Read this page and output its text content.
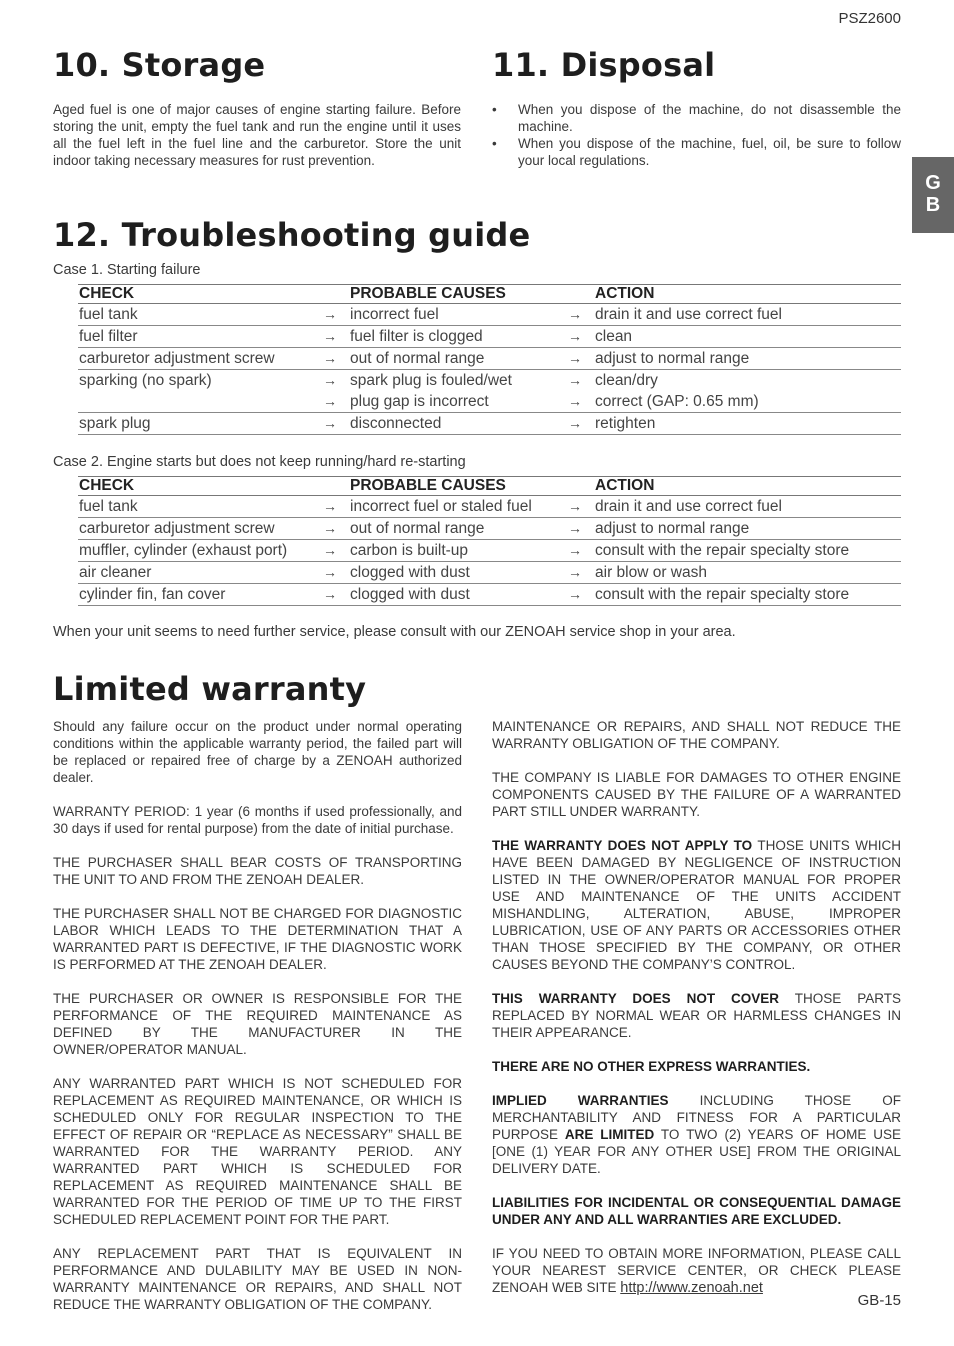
PSZ2600
G
B
10. Storage
Aged fuel is one of major causes of engine starting failure. Before storing the unit, empty the fuel tank and run the engine until it uses all the fuel left in the fuel line and the carburetor. Store the unit indoor taking necessary measures for rust prevention.
11. Disposal

• When you dispose of the machine, do not disassemble the machine.

• When you dispose of the machine, fuel, oil, be sure to follow your local regulations.

12. Troubleshooting guide
Case 1. Starting failure
CHECK		PROBABLE CAUSES		ACTION
fuel tank	→	incorrect fuel	→	drain it and use correct fuel
fuel filter	→	fuel filter is clogged	→	clean
carburetor adjustment screw	→	out of normal range	→	adjust to normal range
sparking (no spark)	→	spark plug is fouled/wet	→	clean/dry
	→	plug gap is incorrect	→	correct (GAP: 0.65 mm)
spark plug	→	disconnected	→	retighten
Case 2. Engine starts but does not keep running/hard re-starting
CHECK		PROBABLE CAUSES		ACTION
fuel tank	→	incorrect fuel or staled fuel	→	drain it and use correct fuel
carburetor adjustment screw	→	out of normal range	→	adjust to normal range
muffler, cylinder (exhaust port)	→	carbon is built-up	→	consult with the repair specialty store
air cleaner	→	clogged with dust	→	air blow or wash
cylinder fin, fan cover	→	clogged with dust	→	consult with the repair specialty store
When your unit seems to need further service, please consult with our ZENOAH service shop in your area.
Limited warranty

Should any failure occur on the product under normal operating conditions within the applicable warranty period, the failed part will be replaced or repaired free of charge by a ZENOAH authorized dealer.

WARRANTY PERIOD: 1 year (6 months if used professionally, and 30 days if used for rental purpose) from the date of initial purchase.

THE PURCHASER SHALL BEAR COSTS OF TRANSPORTING THE UNIT TO AND FROM THE ZENOAH DEALER.

THE PURCHASER SHALL NOT BE CHARGED FOR DIAGNOSTIC LABOR WHICH LEADS TO THE DETERMINATION THAT A WARRANTED PART IS DEFECTIVE, IF THE DIAGNOSTIC WORK IS PERFORMED AT THE ZENOAH DEALER.

THE PURCHASER OR OWNER IS RESPONSIBLE FOR THE PERFORMANCE OF THE REQUIRED MAINTENANCE AS DEFINED BY THE MANUFACTURER IN THE OWNER/OPERATOR MANUAL.

ANY WARRANTED PART WHICH IS NOT SCHEDULED FOR REPLACEMENT AS REQUIRED MAINTENANCE, OR WHICH IS SCHEDULED ONLY FOR REGULAR INSPECTION TO THE EFFECT OF REPAIR OR “REPLACE AS NECESSARY” SHALL BE WARRANTED FOR THE WARRANTY PERIOD. ANY WARRANTED PART WHICH IS SCHEDULED FOR REPLACEMENT AS REQUIRED MAINTENANCE SHALL BE WARRANTED FOR THE PERIOD OF TIME UP TO THE FIRST SCHEDULED REPLACEMENT POINT FOR THE PART.

ANY REPLACEMENT PART THAT IS EQUIVALENT IN PERFORMANCE AND DULABILITY MAY BE USED IN NON-WARRANTY MAINTENANCE OR REPAIRS, AND SHALL NOT REDUCE THE WARRANTY OBLIGATION OF THE COMPANY.

MAINTENANCE OR REPAIRS, AND SHALL NOT REDUCE THE WARRANTY OBLIGATION OF THE COMPANY.

THE COMPANY IS LIABLE FOR DAMAGES TO OTHER ENGINE COMPONENTS CAUSED BY THE FAILURE OF A WARRANTED PART STILL UNDER WARRANTY.

THE WARRANTY DOES NOT APPLY TO THOSE UNITS WHICH HAVE BEEN DAMAGED BY NEGLIGENCE OF INSTRUCTION LISTED IN THE OWNER/OPERATOR MANUAL FOR PROPER USE AND MAINTENANCE OF THE UNITS ACCIDENT MISHANDLING, ALTERATION, ABUSE, IMPROPER LUBRICATION, USE OF ANY PARTS OR ACCESSORIES OTHER THAN THOSE SPECIFIED BY THE COMPANY, OR OTHER CAUSES BEYOND THE COMPANY’S CONTROL.

THIS WARRANTY DOES NOT COVER THOSE PARTS REPLACED BY NORMAL WEAR OR HARMLESS CHANGES IN THEIR APPEARANCE.

THERE ARE NO OTHER EXPRESS WARRANTIES.

IMPLIED WARRANTIES INCLUDING THOSE OF MERCHANTABILITY AND FITNESS FOR A PARTICULAR PURPOSE ARE LIMITED TO TWO (2) YEARS OF HOME USE [ONE (1) YEAR FOR ANY OTHER USE] FROM THE ORIGINAL DELIVERY DATE.

LIABILITIES FOR INCIDENTAL OR CONSEQUENTIAL DAMAGE UNDER ANY AND ALL WARRANTIES ARE EXCLUDED.

IF YOU NEED TO OBTAIN MORE INFORMATION, PLEASE CALL YOUR NEAREST SERVICE CENTER, OR CHECK PLEASE ZENOAH WEB SITE http://www.zenoah.net

GB-15
